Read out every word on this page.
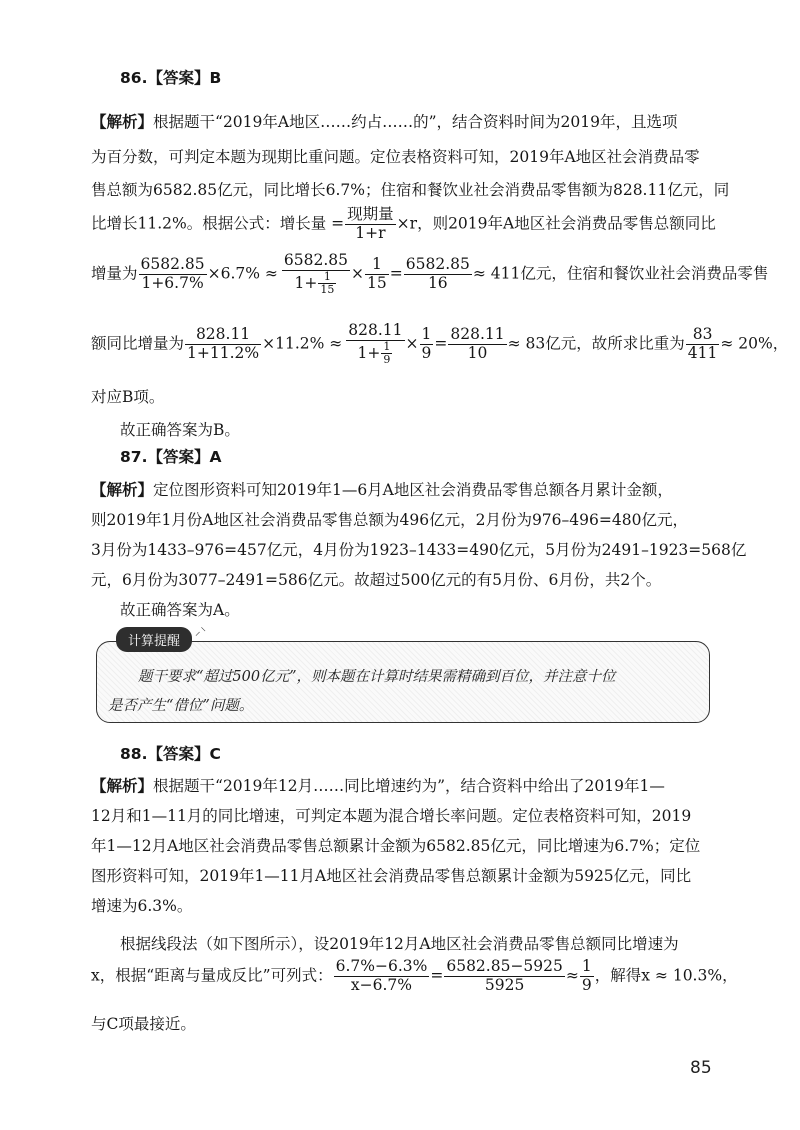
86.【答案】B
【解析】根据题干“2019年A地区……约占……的”，结合资料时间为2019年，且选项
为百分数，可判定本题为现期比重问题。定位表格资料可知，2019年A地区社会消费品零
售总额为6582.85亿元，同比增长6.7%；住宿和餐饮业社会消费品零售额为828.11亿元，同
比增长11.2%。根据公式：增长量 = $\frac{\text{现期量}}{1+r} \times r$，则2019年A地区社会消费品零售总额同比
增量为 $\frac{6582.85}{1+6.7\%} \times 6.7\% \approx \frac{6582.85}{1+ \frac{1}{15}} \times \frac{1}{15} = \frac{6582.85}{16} \approx 411$亿元，住宿和餐饮业社会消费品零售
额同比增量为 $\frac{828.11}{1+11.2\%} \times 11.2\% \approx \frac{828.11}{1+ \frac{1}{9}} \times \frac{1}{9} = \frac{828.11}{10} \approx 83$亿元，故所求比重为 $\frac{83}{411} \approx 20\%$，
对应B项。
故正确答案为B。
87.【答案】A
【解析】定位图形资料可知2019年1—6月A地区社会消费品零售总额各月累计金额，
则2019年1月份A地区社会消费品零售总额为496亿元，2月份为976–496=480亿元，
3月份为1433–976=457亿元，4月份为1923–1433=490亿元，5月份为2491–1923=568亿
元，6月份为3077–2491=586亿元。故超过500亿元的有5月份、6月份，共2个。
故正确答案为A。
计算提醒
⸝⸌
题干要求“超过500亿元”，则本题在计算时结果需精确到百位，并注意十位
是否产生“借位”问题。
88.【答案】C
【解析】根据题干“2019年12月……同比增速约为”，结合资料中给出了2019年1—
12月和1—11月的同比增速，可判定本题为混合增长率问题。定位表格资料可知，2019
年1—12月A地区社会消费品零售总额累计金额为6582.85亿元，同比增速为6.7%；定位
图形资料可知，2019年1—11月A地区社会消费品零售总额累计金额为5925亿元，同比
增速为6.3%。
根据线段法（如下图所示），设2019年12月A地区社会消费品零售总额同比增速为
x，根据“距离与量成反比”可列式： $\frac{6.7\%-6.3\%}{x-6.7\%} = \frac{6582.85-5925}{5925} \approx \frac{1}{9}$ ，解得x ≈ 10.3%，
与C项最接近。
85
